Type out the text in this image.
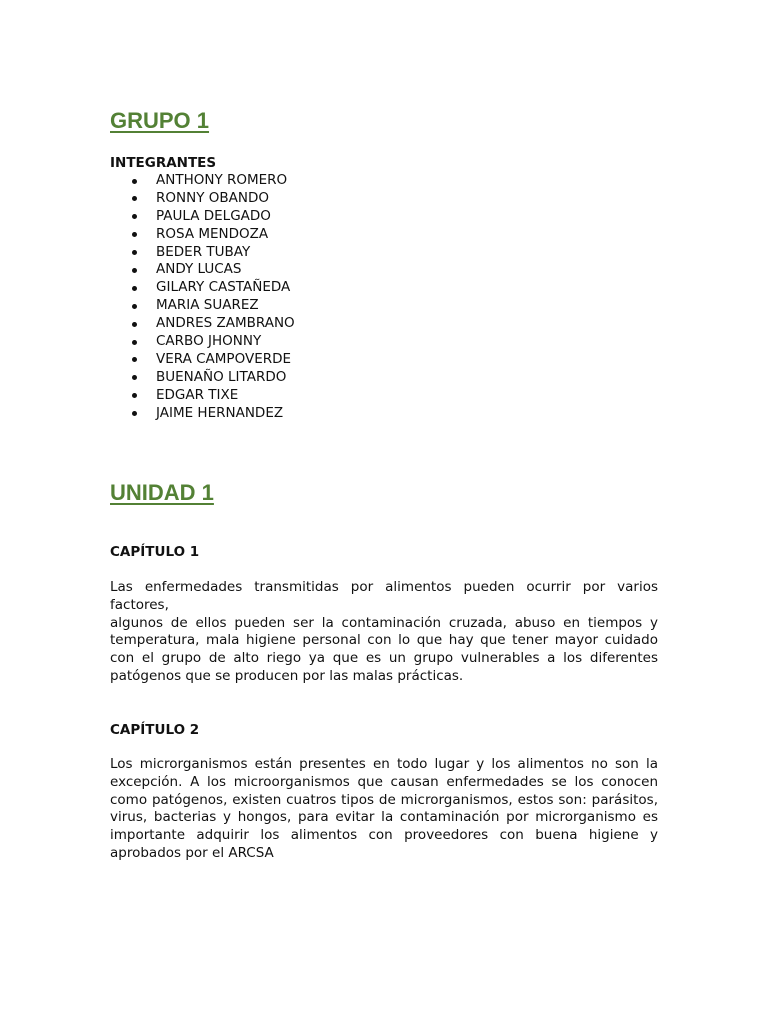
GRUPO 1
INTEGRANTES
ANTHONY ROMERO
RONNY OBANDO
PAULA DELGADO
ROSA MENDOZA
BEDER TUBAY
ANDY LUCAS
GILARY CASTAÑEDA
MARIA SUAREZ
ANDRES ZAMBRANO
CARBO JHONNY
VERA CAMPOVERDE
BUENAÑO LITARDO
EDGAR TIXE
JAIME HERNANDEZ
UNIDAD 1
CAPÍTULO 1
Las enfermedades transmitidas por alimentos pueden ocurrir por varios
factores,
algunos de ellos pueden ser la contaminación cruzada, abuso en tiempos y
temperatura, mala higiene personal con lo que hay que tener mayor cuidado
con el grupo de alto riego ya que es un grupo vulnerables a los diferentes
patógenos que se producen por las malas prácticas.
CAPÍTULO 2
Los microrganismos están presentes en todo lugar y los alimentos no son la
excepción. A los microorganismos que causan enfermedades se los conocen
como patógenos, existen cuatros tipos de microrganismos, estos son: parásitos,
virus, bacterias y hongos, para evitar la contaminación por microrganismo es
importante adquirir los alimentos con proveedores con buena higiene y
aprobados por el ARCSA
